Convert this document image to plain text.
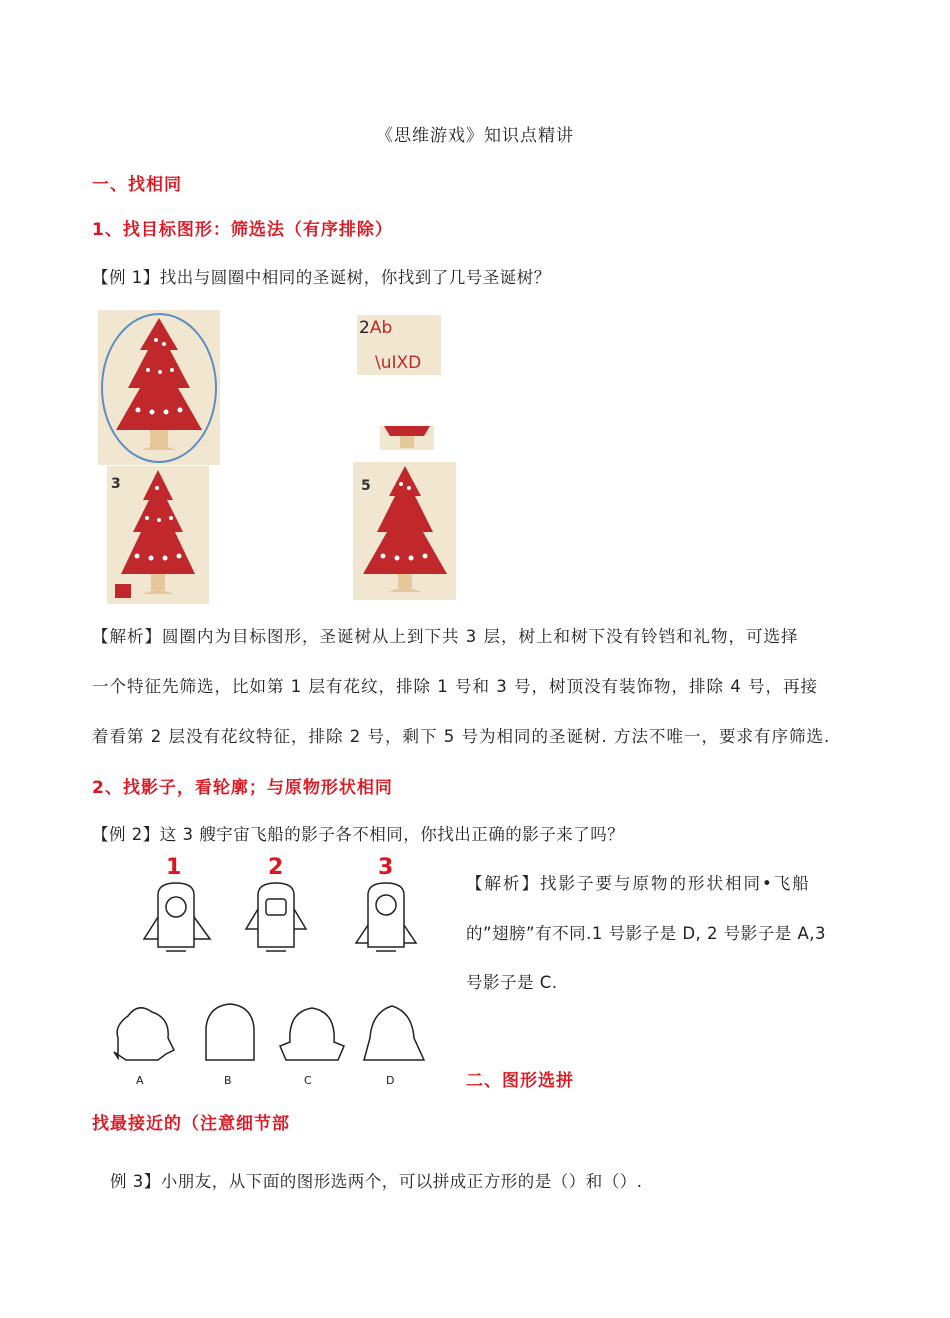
《思维游戏》知识点精讲
一、找相同
1、找目标图形：筛选法（有序排除）
【例 1】找出与圆圈中相同的圣诞树，你找到了几号圣诞树？
2Ab
\uIXD
3	5
【解析】圆圈内为目标图形，圣诞树从上到下共 3 层，树上和树下没有铃铛和礼物，可选择
一个特征先筛选，比如第 1 层有花纹，排除 1 号和 3 号，树顶没有装饰物，排除 4 号，再接
着看第 2 层没有花纹特征，排除 2 号，剩下 5 号为相同的圣诞树. 方法不唯一，要求有序筛选.
2、找影子，看轮廓；与原物形状相同
【例 2】这 3 艘宇宙飞船的影子各不相同，你找出正确的影子来了吗？
1	2	3
A	B	C	D
【解析】找影子要与原物的形状相同•飞船
的”翅膀”有不同.1 号影子是 D, 2 号影子是 A,3
号影子是 C.
二、图形选拼
找最接近的（注意细节部
例 3】小朋友，从下面的图形选两个，可以拼成正方形的是（）和（）.
